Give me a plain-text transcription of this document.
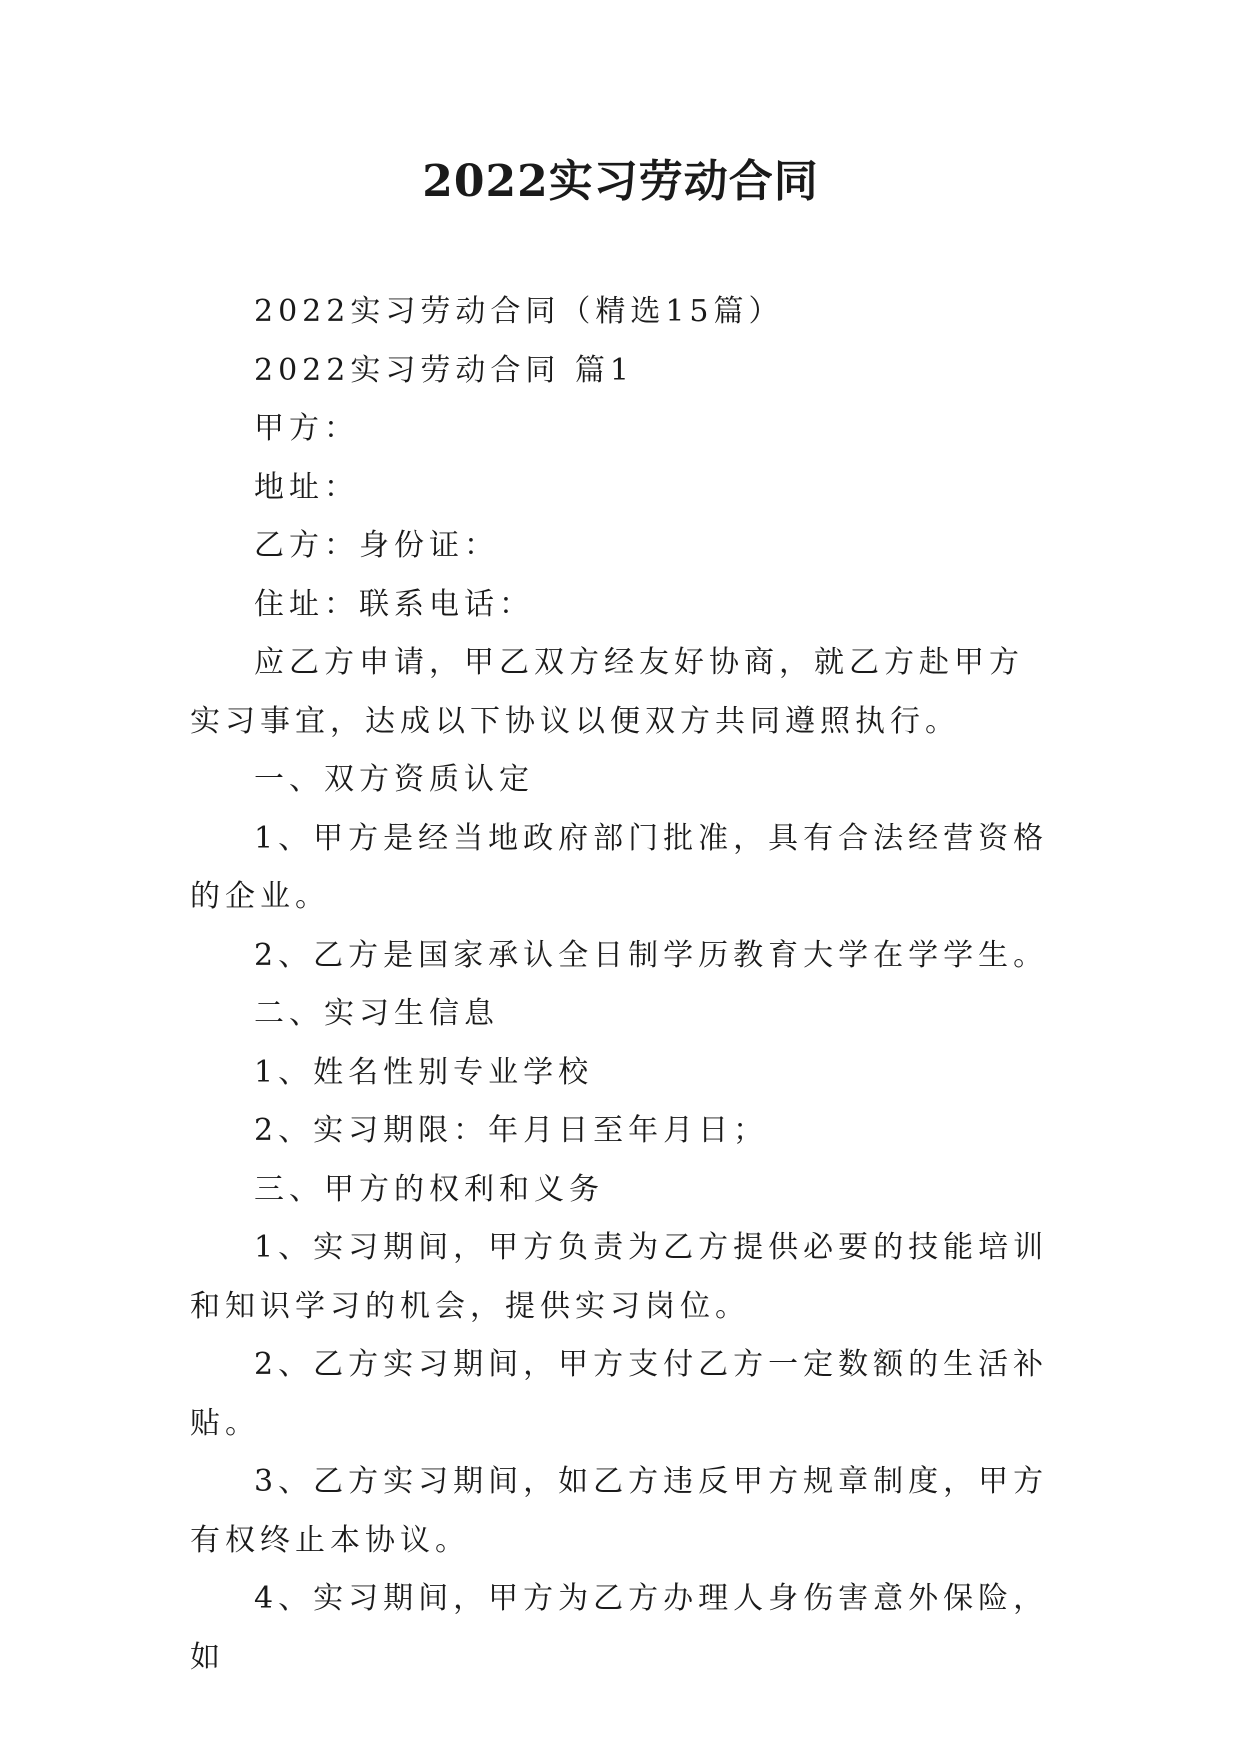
2022实习劳动合同

2022实习劳动合同（精选15篇）

2022实习劳动合同 篇1

甲方：

地址：

乙方：身份证：

住址：联系电话：

应乙方申请，甲乙双方经友好协商，就乙方赴甲方实习事宜，达成以下协议以便双方共同遵照执行。

一、双方资质认定

1、甲方是经当地政府部门批准，具有合法经营资格的企业。

2、乙方是国家承认全日制学历教育大学在学学生。

二、实习生信息

1、姓名性别专业学校

2、实习期限：年月日至年月日；

三、甲方的权利和义务

1、实习期间，甲方负责为乙方提供必要的技能培训和知识学习的机会，提供实习岗位。

2、乙方实习期间，甲方支付乙方一定数额的生活补贴。

3、乙方实习期间，如乙方违反甲方规章制度，甲方有权终止本协议。

4、实习期间，甲方为乙方办理人身伤害意外保险，如
